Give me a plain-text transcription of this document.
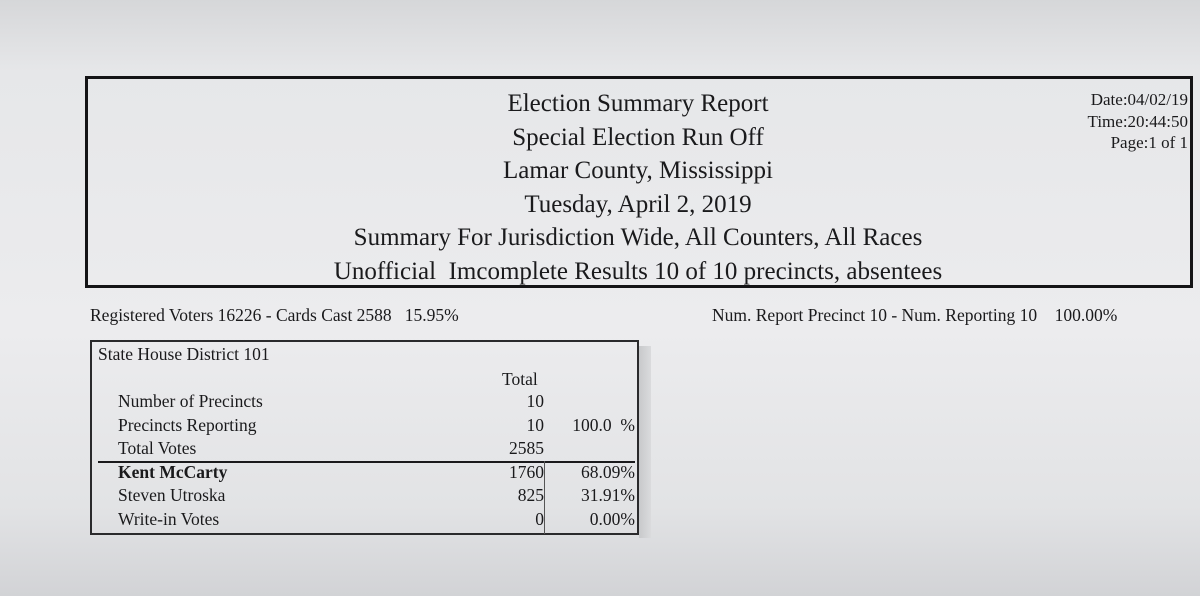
Election Summary Report
Special Election Run Off
Lamar County, Mississippi
Tuesday, April 2, 2019
Summary For Jurisdiction Wide, All Counters, All Races
Unofficial  Imcomplete Results 10 of 10 precincts, absentees
Date:04/02/19
Time:20:44:50
Page:1 of 1
Registered Voters 16226 - Cards Cast 2588   15.95%	Num. Report Precinct 10 - Num. Reporting 10    100.00%
State House District 101
Total
Number of Precincts	10
Precincts Reporting	10 100.0  %
Total Votes	2585
Kent McCarty	1760 68.09%
Steven Utroska	825 31.91%
Write-in Votes	0	0.00%
